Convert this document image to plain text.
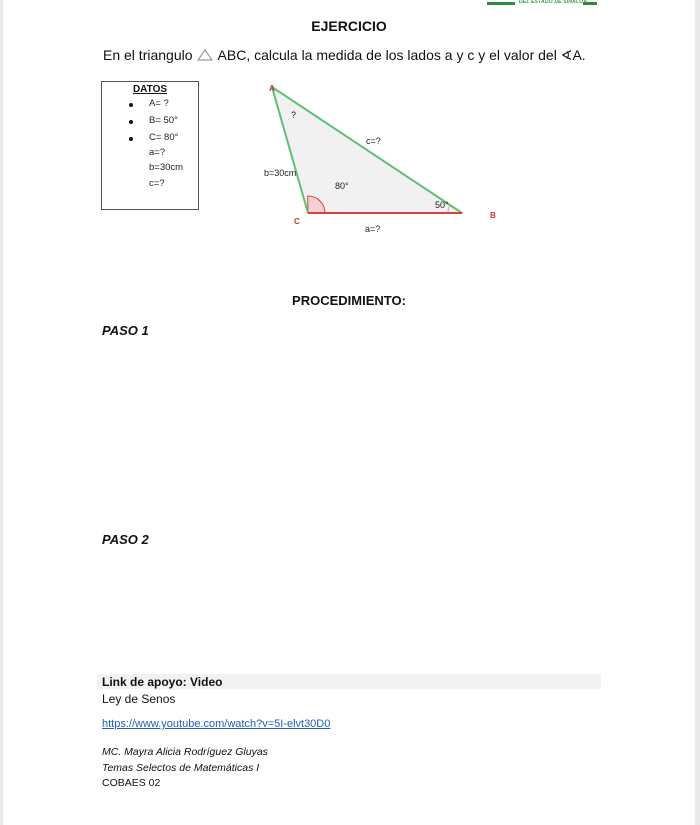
DEL ESTADO DE SINALOA
EJERCICIO
En el triangulo ABC, calcula la medida de los lados a y c y el valor del ∢A.
DATOS
A= ?
B= 50°
C= 80°
a=?
b=30cm
c=?
A
B
C
?
50°
80°
a=?
b=30cm
c=?
PROCEDIMIENTO:
PASO 1
PASO 2
Link de apoyo: Video
Ley de Senos
https://www.youtube.com/watch?v=5I-elvt30D0
MC. Mayra Alicia Rodríguez Gluyas
Temas Selectos de Matemáticas I
COBAES 02
